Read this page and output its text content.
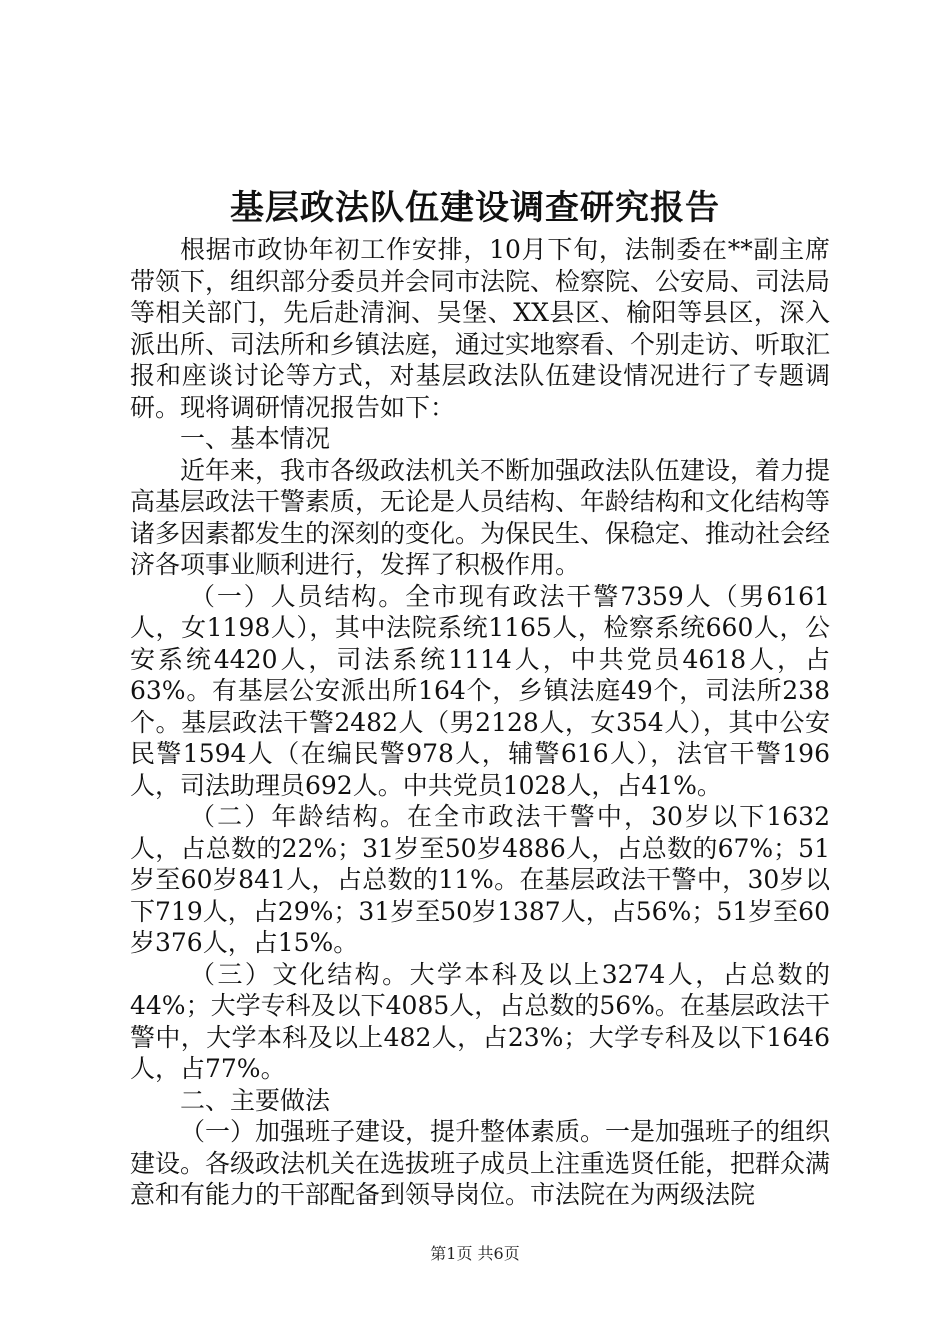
基层政法队伍建设调查研究报告

根据市政协年初工作安排，10月下旬，法制委在**副主席带领下，组织部分委员并会同市法院、检察院、公安局、司法局等相关部门，先后赴清涧、吴堡、XX县区、榆阳等县区，深入派出所、司法所和乡镇法庭，通过实地察看、个别走访、听取汇报和座谈讨论等方式，对基层政法队伍建设情况进行了专题调研。现将调研情况报告如下：

一、基本情况

近年来，我市各级政法机关不断加强政法队伍建设，着力提高基层政法干警素质，无论是人员结构、年龄结构和文化结构等诸多因素都发生的深刻的变化。为保民生、保稳定、推动社会经济各项事业顺利进行，发挥了积极作用。

（一）人员结构。全市现有政法干警7359人（男6161人，女1198人），其中法院系统1165人，检察系统660人，公安系统4420人，司法系统1114人，中共党员4618人，占63%。有基层公安派出所164个，乡镇法庭49个，司法所238个。基层政法干警2482人（男2128人，女354人），其中公安民警1594人（在编民警978人，辅警616人），法官干警196人，司法助理员692人。中共党员1028人，占41%。

（二）年龄结构。在全市政法干警中，30岁以下1632人，占总数的22%；31岁至50岁4886人，占总数的67%；51岁至60岁841人，占总数的11%。在基层政法干警中，30岁以下719人，占29%；31岁至50岁1387人，占56%；51岁至60岁376人，占15%。

（三）文化结构。大学本科及以上3274人，占总数的44%；大学专科及以下4085人，占总数的56%。在基层政法干警中，大学本科及以上482人，占23%；大学专科及以下1646人，占77%。

二、主要做法

（一）加强班子建设，提升整体素质。一是加强班子的组织建设。各级政法机关在选拔班子成员上注重选贤任能，把群众满意和有能力的干部配备到领导岗位。市法院在为两级法院

第1页 共6页
